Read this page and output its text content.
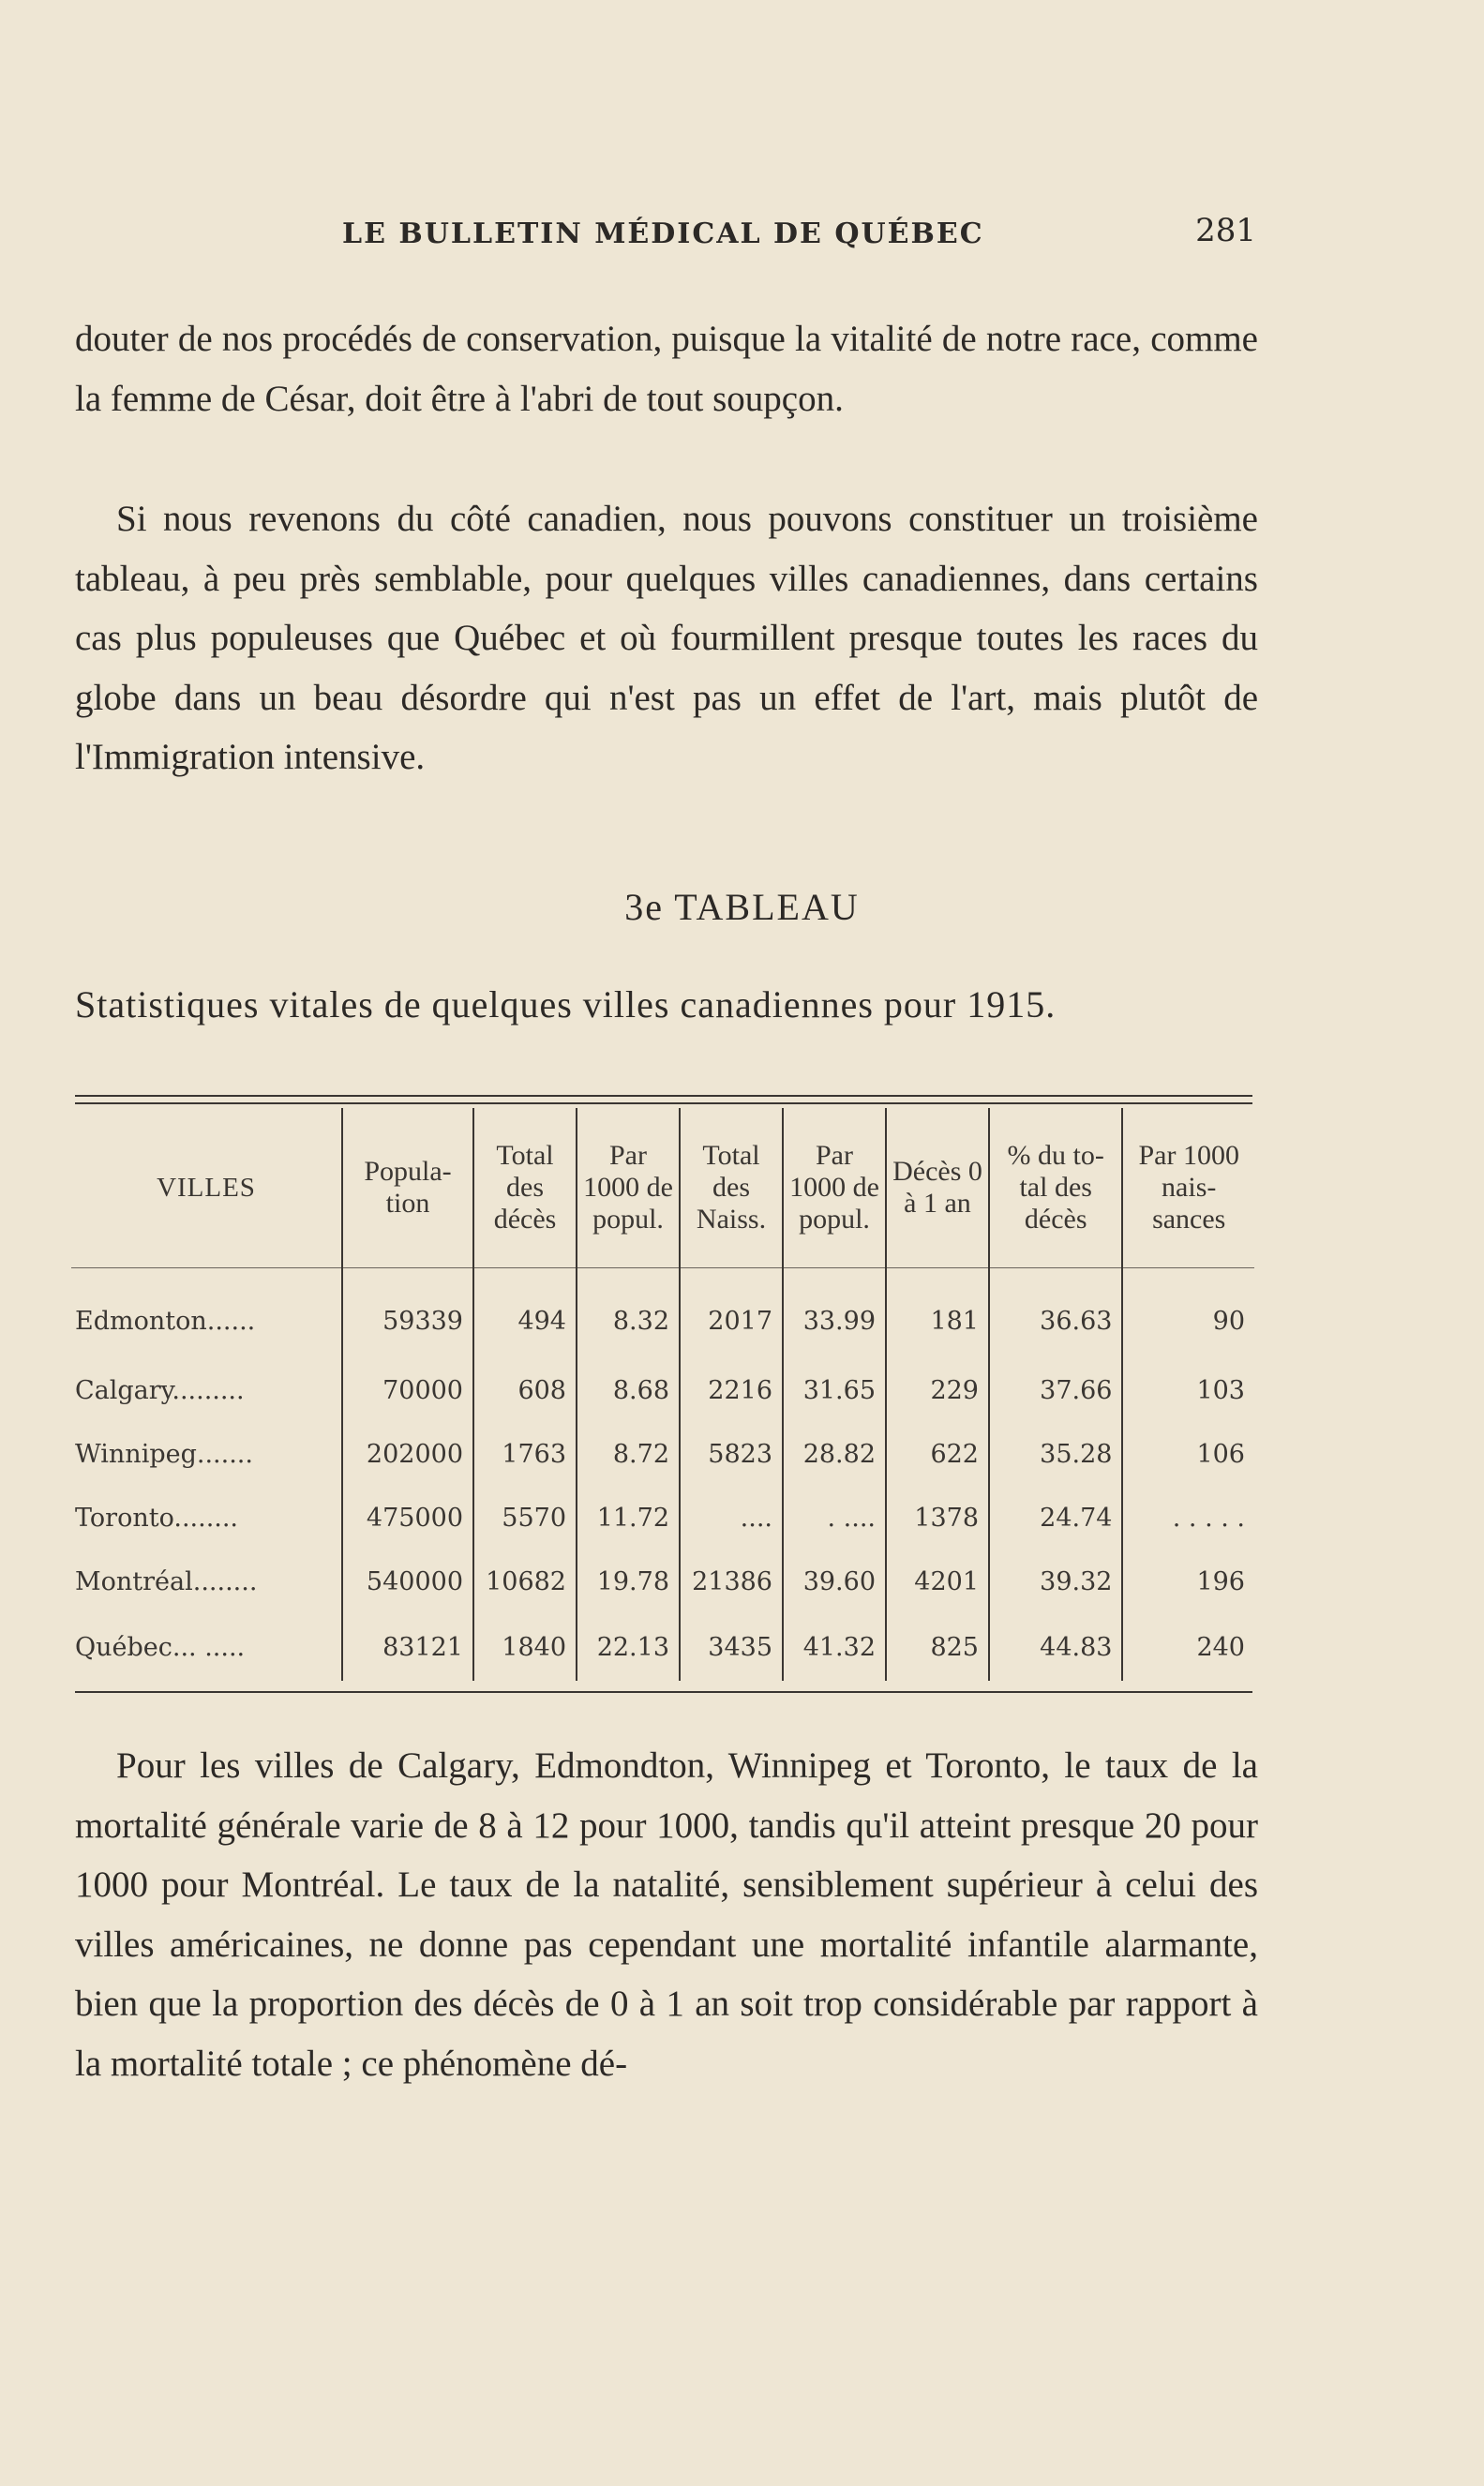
LE BULLETIN MÉDICAL DE QUÉBEC	281

douter de nos procédés de conservation, puisque la vitalité de notre race, comme la femme de César, doit être à l'abri de tout soupçon.

Si nous revenons du côté canadien, nous pouvons constituer un troisième tableau, à peu près semblable, pour quelques villes canadiennes, dans certains cas plus populeuses que Québec et où fourmillent presque toutes les races du globe dans un beau désordre qui n'est pas un effet de l'art, mais plutôt de l'Immigration intensive.

3e TABLEAU
Statistiques vitales de quelques villes canadiennes pour 1915.
VILLES	Popula-tion	Total des décès	Par 1000 de popul.	Total des Naiss.	Par 1000 de popul.	Décès 0 à 1 an	% du to-tal des décès	Par 1000 nais-sances
Edmonton......	59339	494	8.32	2017	33.99	181	36.63	90
Calgary.........	70000	608	8.68	2216	31.65	229	37.66	103
Winnipeg.......	202000	1763	8.72	5823	28.82	622	35.28	106
Toronto........	475000	5570	11.72	....	. ....	1378	24.74	. . . . .
Montréal........	540000	10682	19.78	21386	39.60	4201	39.32	196
Québec... .....	83121	1840	22.13	3435	41.32	825	44.83	240

Pour les villes de Calgary, Edmondton, Winnipeg et Toronto, le taux de la mortalité générale varie de 8 à 12 pour 1000, tandis qu'il atteint presque 20 pour 1000 pour Montréal. Le taux de la natalité, sensiblement supérieur à celui des villes américaines, ne donne pas cependant une mortalité infantile alarmante, bien que la proportion des décès de 0 à 1 an soit trop considérable par rapport à la mortalité totale ; ce phénomène dé-
